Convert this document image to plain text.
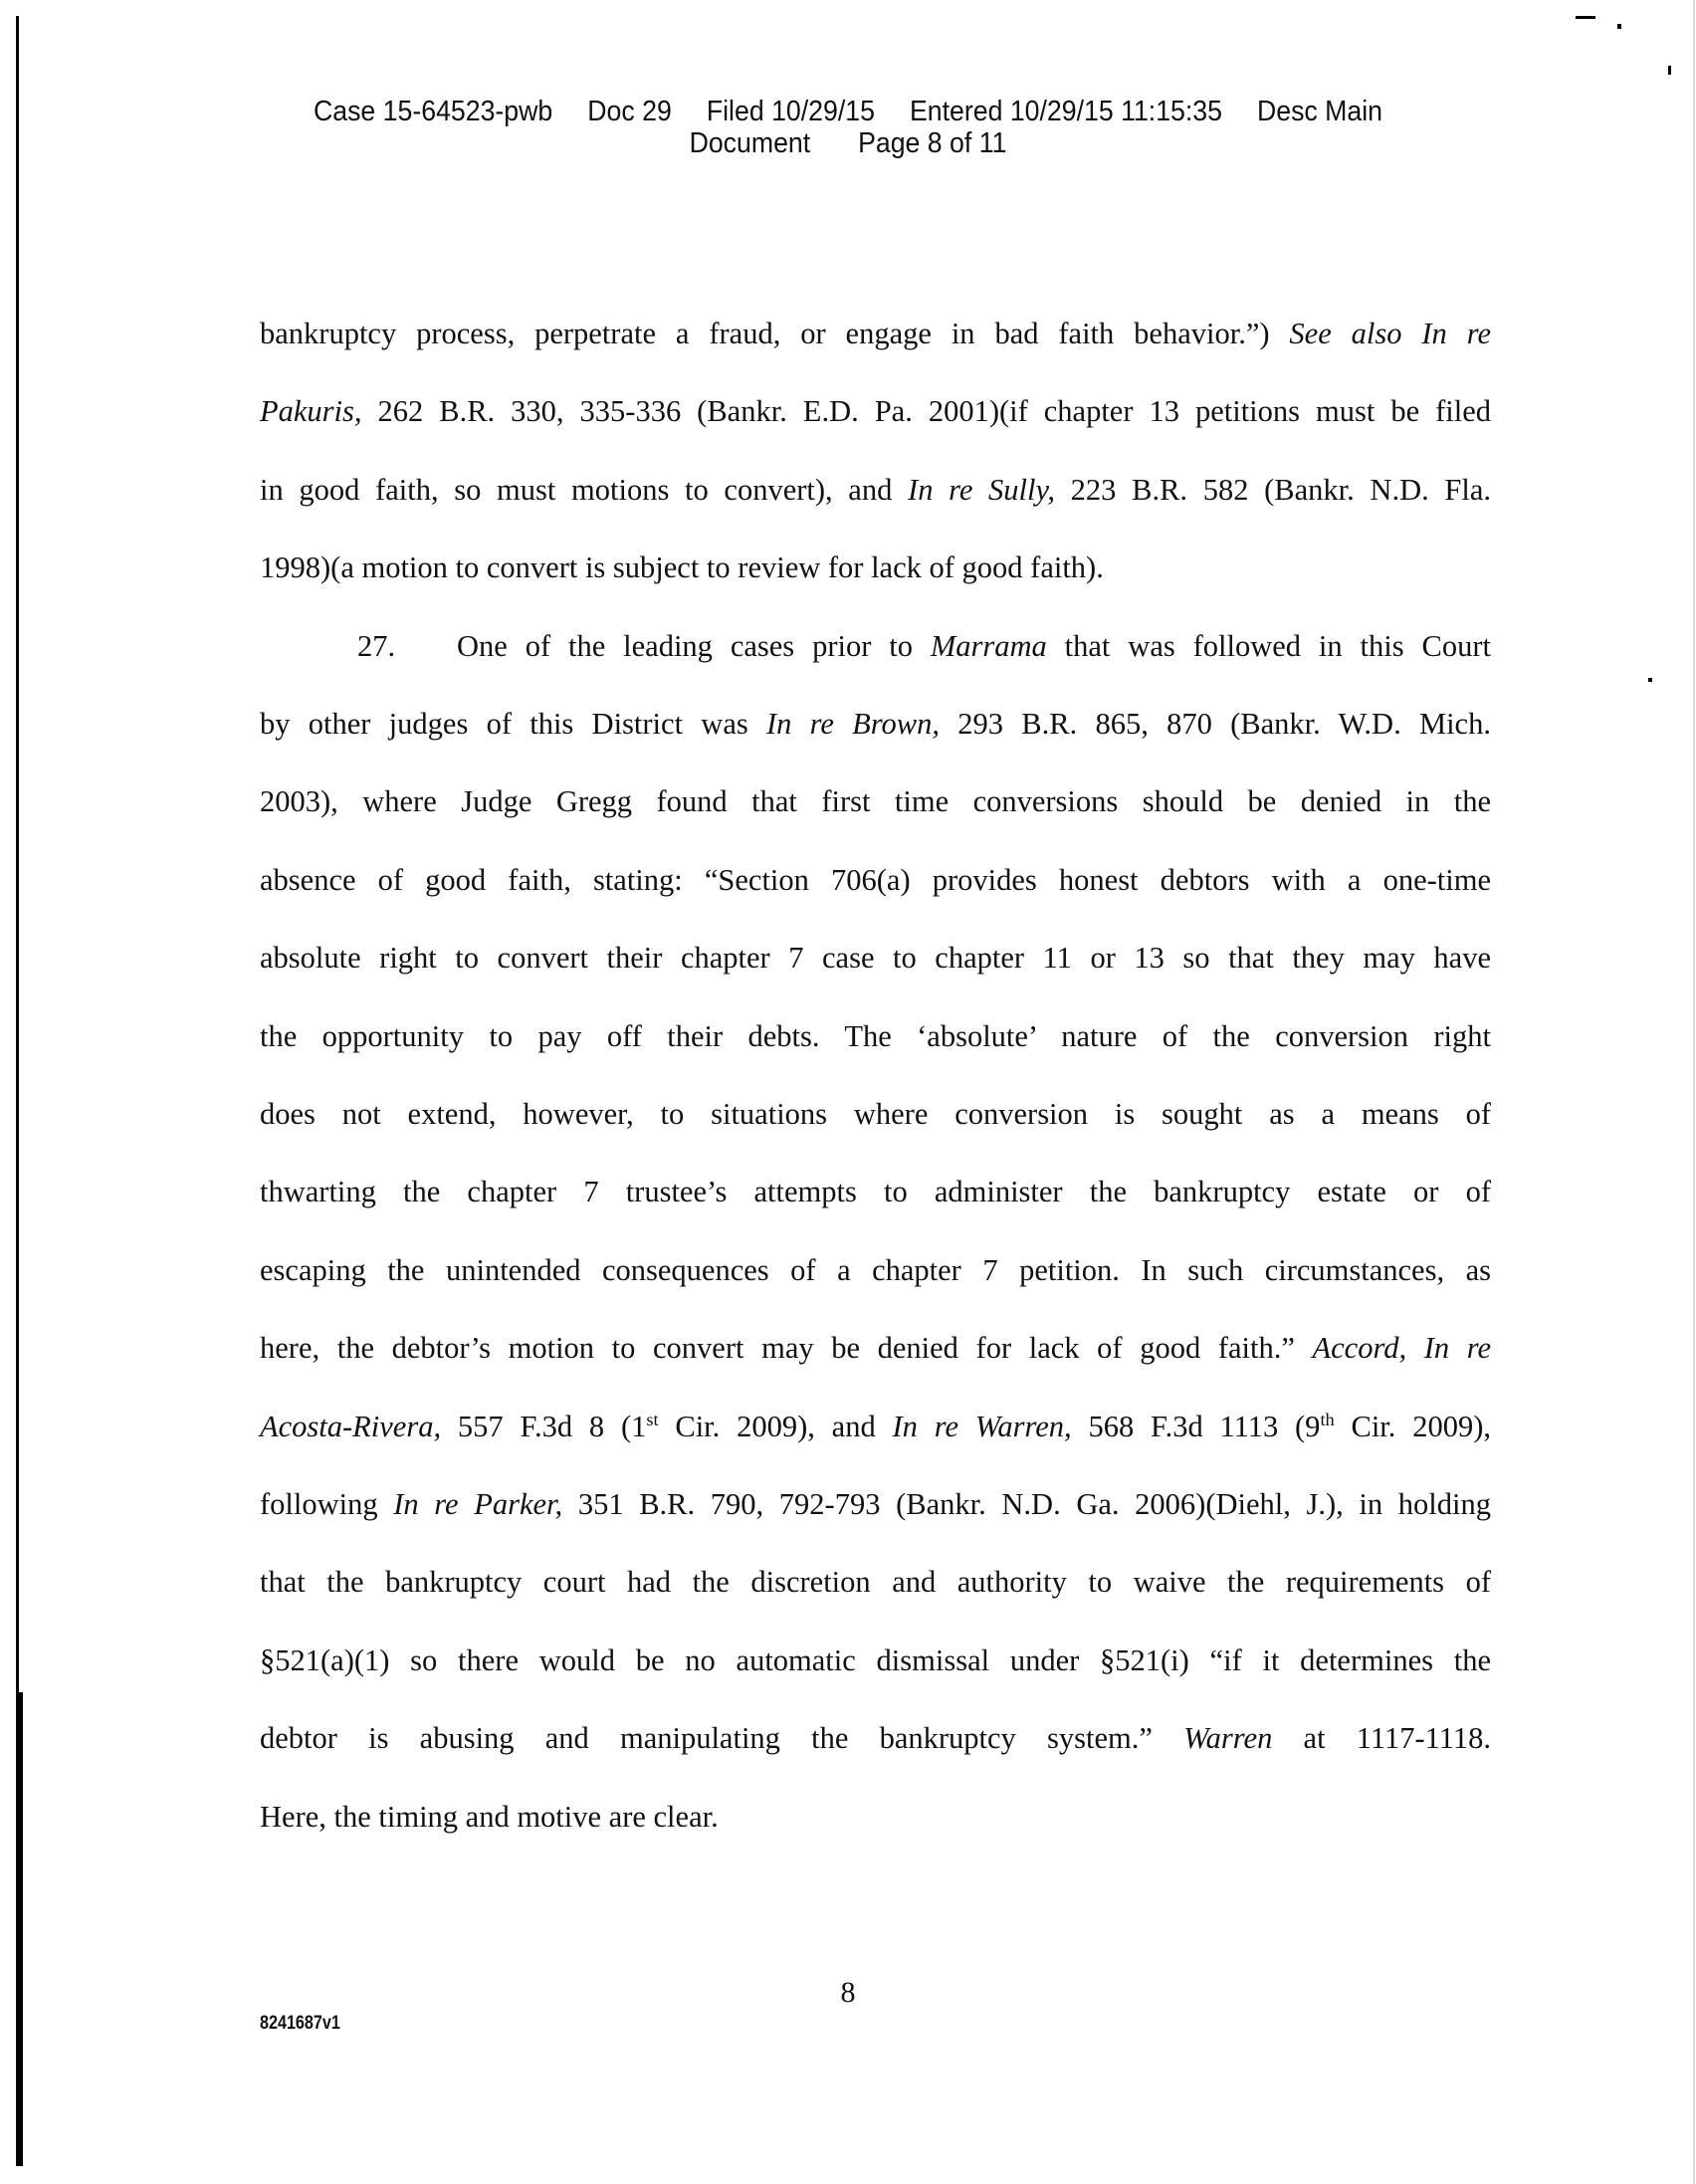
Case 15-64523-pwb Doc 29 Filed 10/29/15 Entered 10/29/15 11:15:35 Desc Main
Document Page 8 of 11
bankruptcy process, perpetrate a fraud, or engage in bad faith behavior.”) See also In re
Pakuris, 262 B.R. 330, 335-336 (Bankr. E.D. Pa. 2001)(if chapter 13 petitions must be filed
in good faith, so must motions to convert), and In re Sully, 223 B.R. 582 (Bankr. N.D. Fla.
1998)(a motion to convert is subject to review for lack of good faith).
27. One of the leading cases prior to Marrama that was followed in this Court
by other judges of this District was In re Brown, 293 B.R. 865, 870 (Bankr. W.D. Mich.
2003), where Judge Gregg found that first time conversions should be denied in the
absence of good faith, stating: “Section 706(a) provides honest debtors with a one-time
absolute right to convert their chapter 7 case to chapter 11 or 13 so that they may have
the opportunity to pay off their debts. The ‘absolute’ nature of the conversion right
does not extend, however, to situations where conversion is sought as a means of
thwarting the chapter 7 trustee’s attempts to administer the bankruptcy estate or of
escaping the unintended consequences of a chapter 7 petition. In such circumstances, as
here, the debtor’s motion to convert may be denied for lack of good faith.” Accord, In re
Acosta-Rivera, 557 F.3d 8 (1st Cir. 2009), and In re Warren, 568 F.3d 1113 (9th Cir. 2009),
following In re Parker, 351 B.R. 790, 792-793 (Bankr. N.D. Ga. 2006)(Diehl, J.), in holding
that the bankruptcy court had the discretion and authority to waive the requirements of
§521(a)(1) so there would be no automatic dismissal under §521(i) “if it determines the
debtor is abusing and manipulating the bankruptcy system.” Warren at 1117-1118.
Here, the timing and motive are clear.
8
8241687v1
